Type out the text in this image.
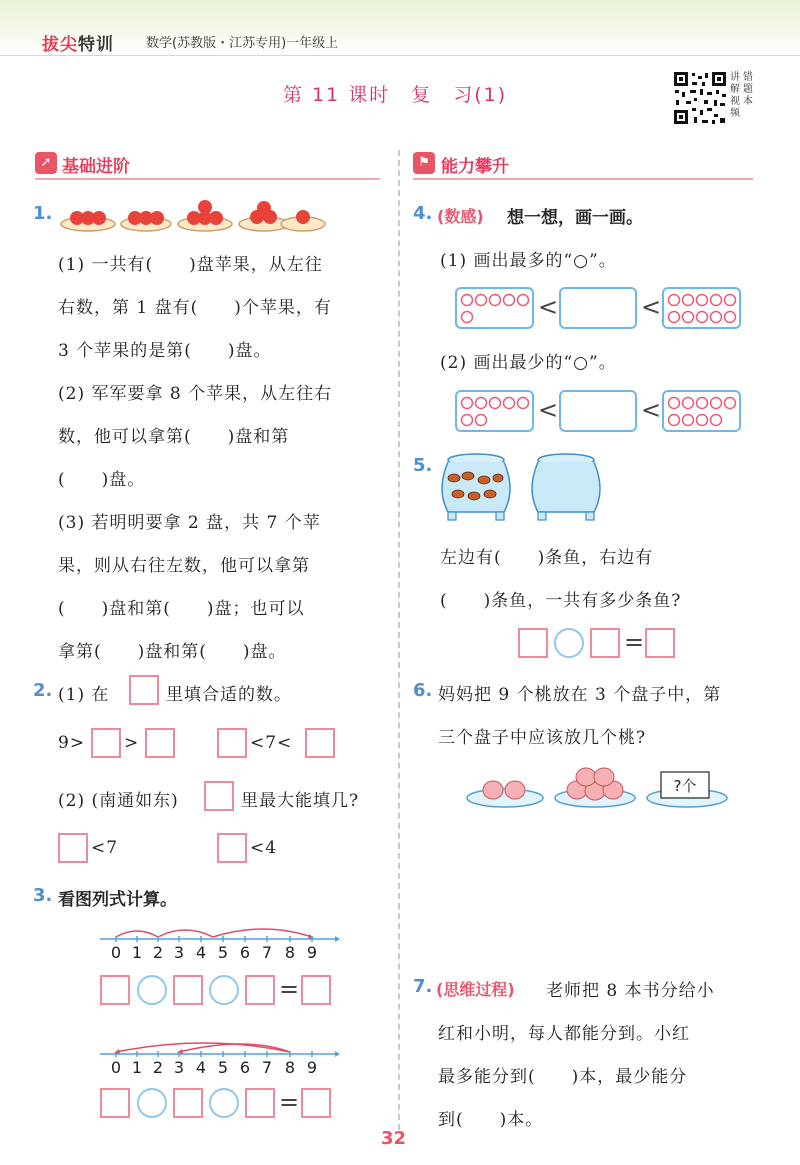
拔尖特训 数学(苏教版・江苏专用)一年级上
第 11 课时　复　习(1)
讲
解
视
频
错
题
本
➚ 基础进阶	⚑ 能力攀升
1.
(1) 一共有(　　)盘苹果，从左往
右数，第 1 盘有(　　)个苹果，有
3 个苹果的是第(　　)盘。
(2) 军军要拿 8 个苹果，从左往右
数，他可以拿第(　　)盘和第
(　　)盘。
(3) 若明明要拿 2 盘，共 7 个苹
果，则从右往左数，他可以拿第
(　　)盘和第(　　)盘；也可以
拿第(　　)盘和第(　　)盘。
2. (1) 在	里填合适的数。
9> >	<7<
(2) (南通如东)	里最大能填几?
<7	<4
3. 看图列式计算。
0 1 2 3 4 5 6 7 8 9
=
0 1 2 3 4 5 6 7 8 9
=
4. (数感) 想一想，画一画。
(1) 画出最多的“○”。
<	<
(2) 画出最少的“○”。
<	<
5.
左边有(　　)条鱼，右边有
(　　)条鱼，一共有多少条鱼?
=
6. 妈妈把 9 个桃放在 3 个盘子中，第
三个盘子中应该放几个桃?
?个
7. (思维过程) 老师把 8 本书分给小
红和小明，每人都能分到。小红
最多能分到(　　)本，最少能分
到(　　)本。
32
